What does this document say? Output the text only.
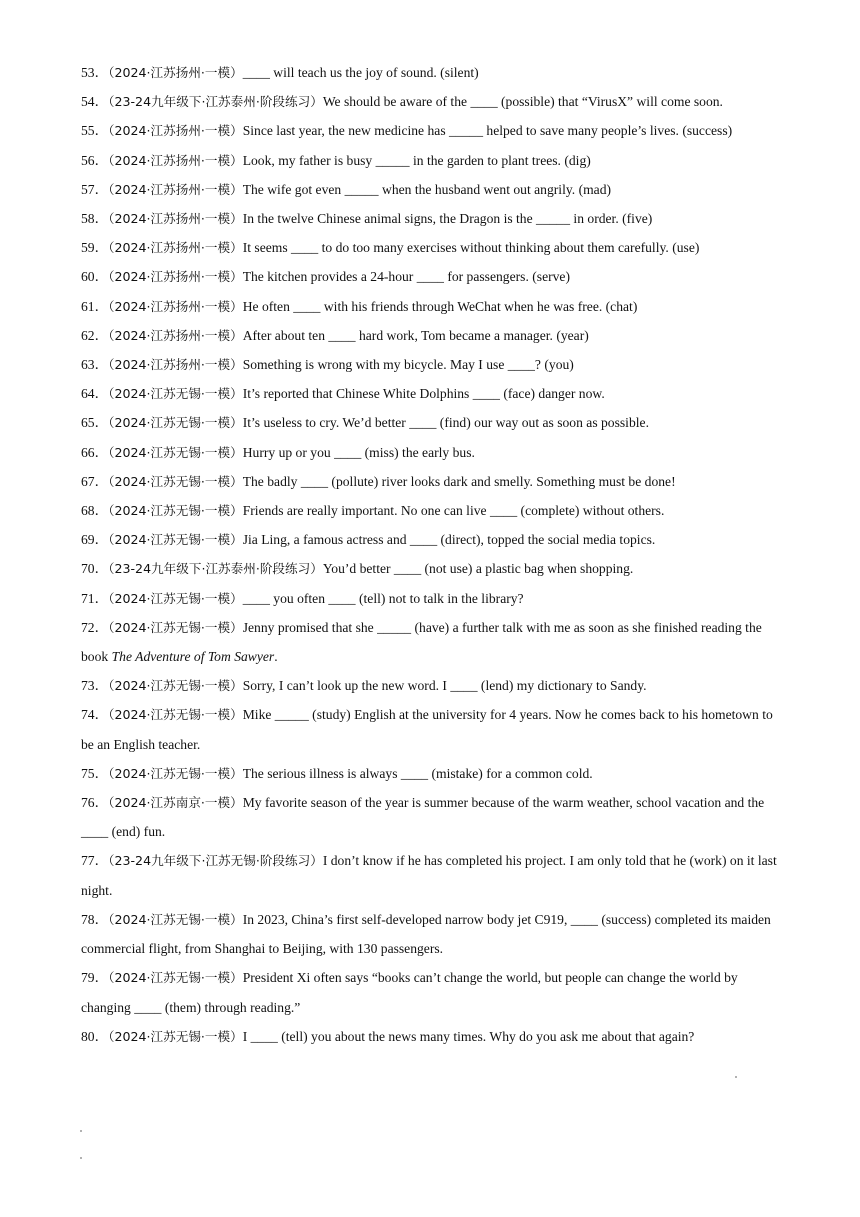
53．（2024·江苏扬州·一模）____ will teach us the joy of sound. (silent)

54．（23-24九年级下·江苏泰州·阶段练习）We should be aware of the ____ (possible) that “VirusX” will come soon.

55．（2024·江苏扬州·一模）Since last year, the new medicine has _____ helped to save many people’s lives. (success)

56．（2024·江苏扬州·一模）Look, my father is busy _____ in the garden to plant trees. (dig)

57．（2024·江苏扬州·一模）The wife got even _____ when the husband went out angrily. (mad)

58．（2024·江苏扬州·一模）In the twelve Chinese animal signs, the Dragon is the _____ in order. (five)

59．（2024·江苏扬州·一模）It seems ____ to do too many exercises without thinking about them carefully. (use)

60．（2024·江苏扬州·一模）The kitchen provides a 24-hour ____ for passengers. (serve)

61．（2024·江苏扬州·一模）He often ____ with his friends through WeChat when he was free. (chat)

62．（2024·江苏扬州·一模）After about ten ____ hard work, Tom became a manager. (year)

63．（2024·江苏扬州·一模）Something is wrong with my bicycle. May I use ____? (you)

64．（2024·江苏无锡·一模）It’s reported that Chinese White Dolphins ____ (face) danger now.

65．（2024·江苏无锡·一模）It’s useless to cry. We’d better ____ (find) our way out as soon as possible.

66．（2024·江苏无锡·一模）Hurry up or you ____ (miss) the early bus.

67．（2024·江苏无锡·一模）The badly ____ (pollute) river looks dark and smelly. Something must be done!

68．（2024·江苏无锡·一模）Friends are really important. No one can live ____ (complete) without others.

69．（2024·江苏无锡·一模）Jia Ling, a famous actress and ____ (direct), topped the social media topics.

70．（23-24九年级下·江苏泰州·阶段练习）You’d better ____ (not use) a plastic bag when shopping.

71．（2024·江苏无锡·一模）____ you often ____ (tell) not to talk in the library?

72．（2024·江苏无锡·一模）Jenny promised that she _____ (have) a further talk with me as soon as she finished reading the book The Adventure of Tom Sawyer.

73．（2024·江苏无锡·一模）Sorry, I can’t look up the new word. I ____ (lend) my dictionary to Sandy.

74．（2024·江苏无锡·一模）Mike _____ (study) English at the university for 4 years. Now he comes back to his hometown to be an English teacher.

75．（2024·江苏无锡·一模）The serious illness is always ____ (mistake) for a common cold.

76．（2024·江苏南京·一模）My favorite season of the year is summer because of the warm weather, school vacation and the ____ (end) fun.

77．（23-24九年级下·江苏无锡·阶段练习）I don’t know if he has completed his project. I am only told that he (work) on it last night.

78．（2024·江苏无锡·一模）In 2023, China’s first self-developed narrow body jet C919, ____ (success) completed its maiden commercial flight, from Shanghai to Beijing, with 130 passengers.

79．（2024·江苏无锡·一模）President Xi often says “books can’t change the world, but people can change the world by changing ____ (them) through reading.”

80．（2024·江苏无锡·一模）I ____ (tell) you about the news many times. Why do you ask me about that again?
